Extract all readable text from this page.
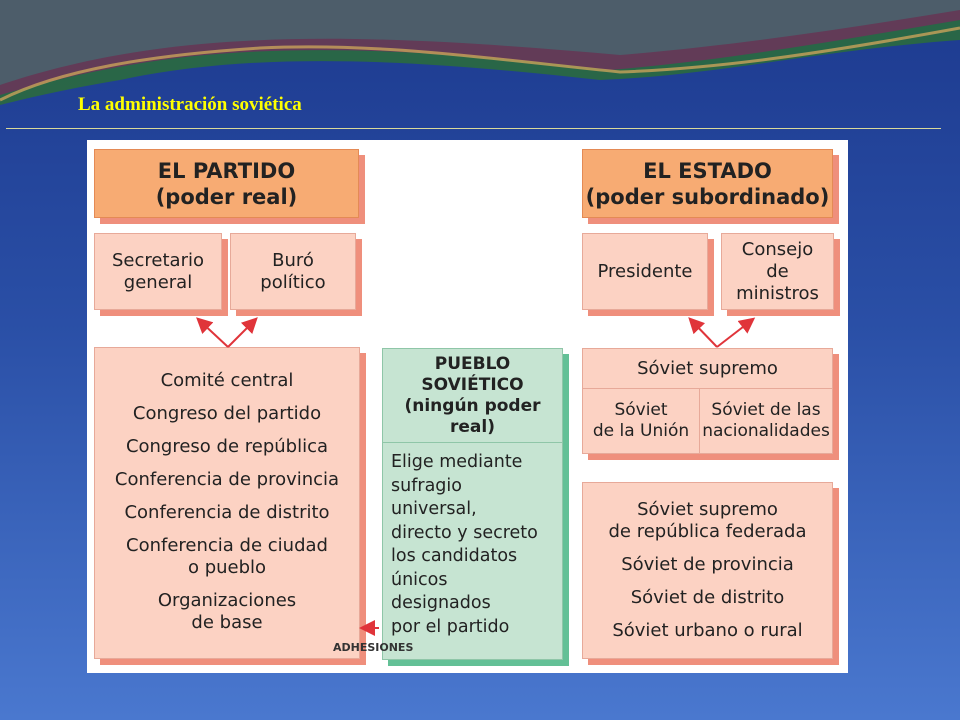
La administración soviética
EL PARTIDO
(poder real)
Secretario
general
Buró
político
Comité central
Congreso del partido
Congreso de república
Conferencia de provincia
Conferencia de distrito
Conferencia de ciudad
o pueblo
Organizaciones
de base
PUEBLO
SOVIÉTICO
(ningún poder
real)
Elige mediante
sufragio
universal,
directo y secreto
los candidatos
únicos
designados
por el partido
ADHESIONES
EL ESTADO
(poder subordinado)
Presidente
Consejo
de
ministros
Sóviet supremo
Sóviet
de la Unión
Sóviet de las
nacionalidades
Sóviet supremo
de república federada
Sóviet de provincia
Sóviet de distrito
Sóviet urbano o rural
